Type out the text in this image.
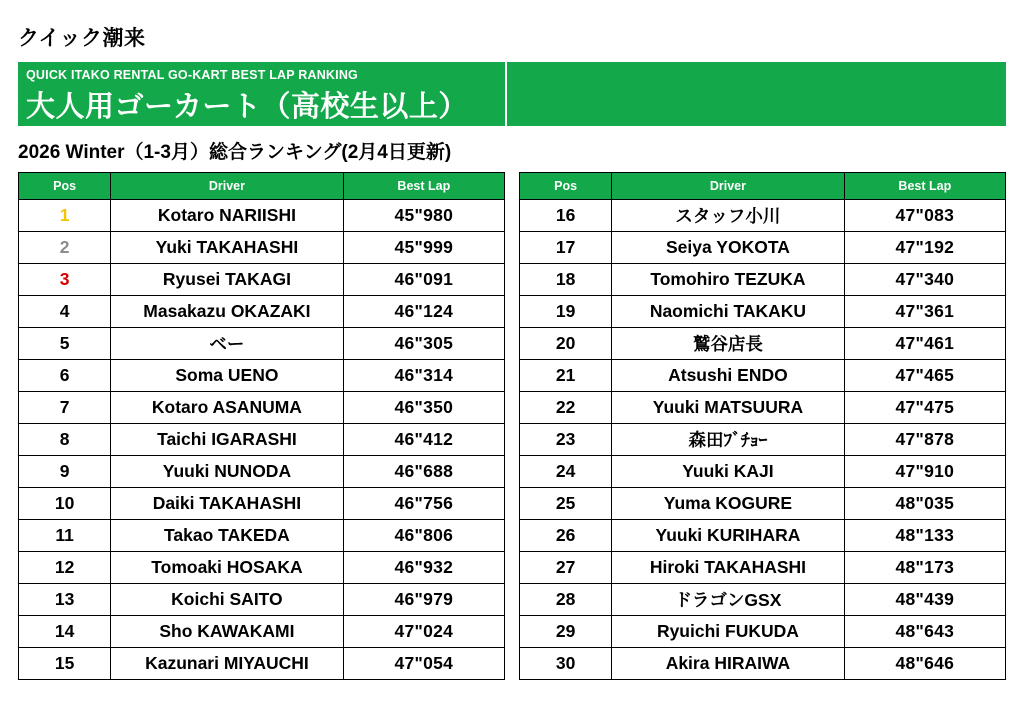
クイック潮来
QUICK ITAKO RENTAL GO-KART BEST LAP RANKING
大人用ゴーカート（高校生以上）
2026 Winter（1-3月）総合ランキング(2月4日更新)
Pos	Driver	Best Lap
1	Kotaro NARIISHI	45"980
2	Yuki TAKAHASHI	45"999
3	Ryusei TAKAGI	46"091
4	Masakazu OKAZAKI	46"124
5	ベー	46"305
6	Soma UENO	46"314
7	Kotaro ASANUMA	46"350
8	Taichi IGARASHI	46"412
9	Yuuki NUNODA	46"688
10	Daiki TAKAHASHI	46"756
11	Takao TAKEDA	46"806
12	Tomoaki HOSAKA	46"932
13	Koichi SAITO	46"979
14	Sho KAWAKAMI	47"024
15	Kazunari MIYAUCHI	47"054
Pos	Driver	Best Lap
16	スタッフ小川	47"083
17	Seiya YOKOTA	47"192
18	Tomohiro TEZUKA	47"340
19	Naomichi TAKAKU	47"361
20	鷲谷店長	47"461
21	Atsushi ENDO	47"465
22	Yuuki MATSUURA	47"475
23	森田ﾌﾞﾁｮｰ	47"878
24	Yuuki KAJI	47"910
25	Yuma KOGURE	48"035
26	Yuuki KURIHARA	48"133
27	Hiroki TAKAHASHI	48"173
28	ドラゴンGSX	48"439
29	Ryuichi FUKUDA	48"643
30	Akira HIRAIWA	48"646
